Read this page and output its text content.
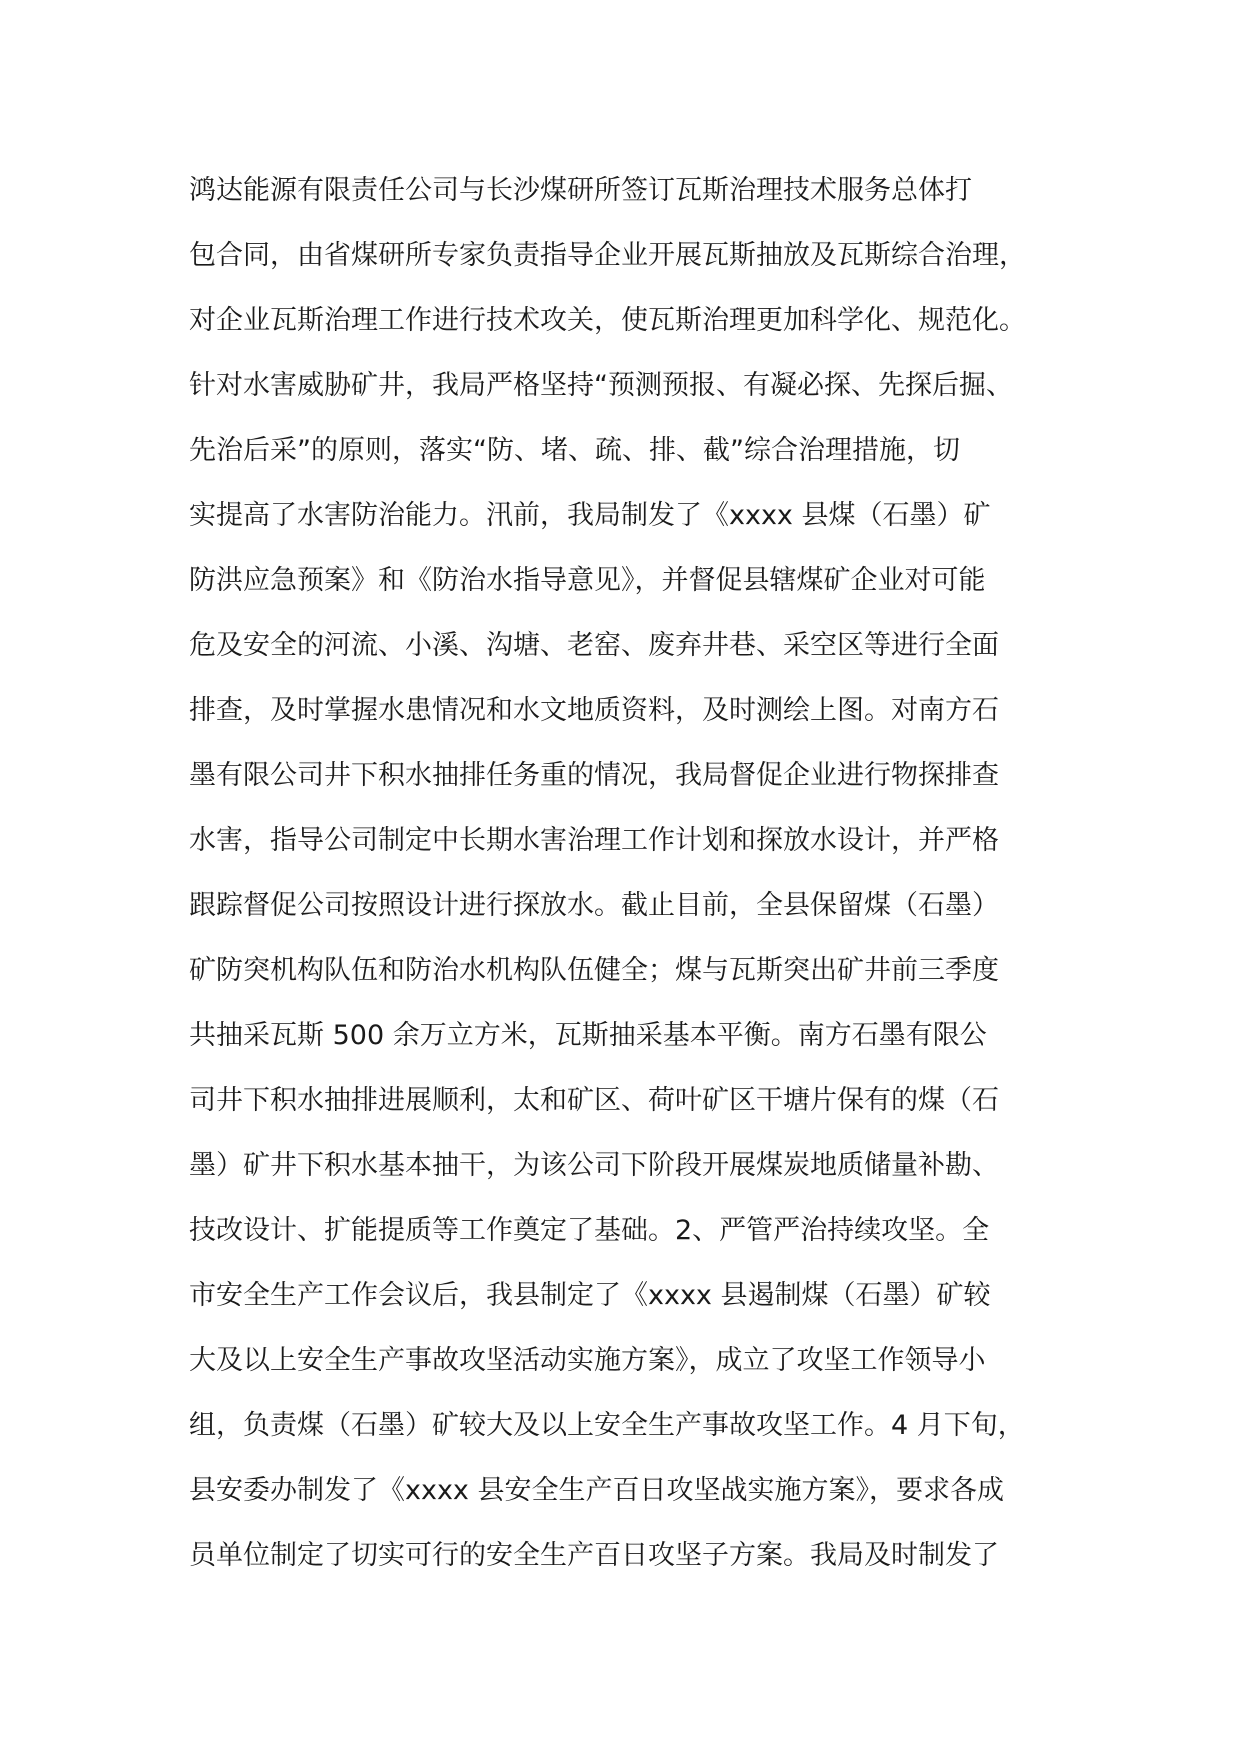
鸿达能源有限责任公司与长沙煤研所签订瓦斯治理技术服务总体打
包合同，由省煤研所专家负责指导企业开展瓦斯抽放及瓦斯综合治理，
对企业瓦斯治理工作进行技术攻关，使瓦斯治理更加科学化、规范化。
针对水害威胁矿井，我局严格坚持“预测预报、有凝必探、先探后掘、
先治后采”的原则，落实“防、堵、疏、排、截”综合治理措施，切
实提高了水害防治能力。汛前，我局制发了《xxxx 县煤（石墨）矿
防洪应急预案》和《防治水指导意见》，并督促县辖煤矿企业对可能
危及安全的河流、小溪、沟塘、老窑、废弃井巷、采空区等进行全面
排查，及时掌握水患情况和水文地质资料，及时测绘上图。对南方石
墨有限公司井下积水抽排任务重的情况，我局督促企业进行物探排查
水害，指导公司制定中长期水害治理工作计划和探放水设计，并严格
跟踪督促公司按照设计进行探放水。截止目前，全县保留煤（石墨）
矿防突机构队伍和防治水机构队伍健全；煤与瓦斯突出矿井前三季度
共抽采瓦斯 500 余万立方米，瓦斯抽采基本平衡。南方石墨有限公
司井下积水抽排进展顺利，太和矿区、荷叶矿区干塘片保有的煤（石
墨）矿井下积水基本抽干，为该公司下阶段开展煤炭地质储量补勘、
技改设计、扩能提质等工作奠定了基础。2、严管严治持续攻坚。全
市安全生产工作会议后，我县制定了《xxxx 县遏制煤（石墨）矿较
大及以上安全生产事故攻坚活动实施方案》，成立了攻坚工作领导小
组，负责煤（石墨）矿较大及以上安全生产事故攻坚工作。4 月下旬，
县安委办制发了《xxxx 县安全生产百日攻坚战实施方案》，要求各成
员单位制定了切实可行的安全生产百日攻坚子方案。我局及时制发了
